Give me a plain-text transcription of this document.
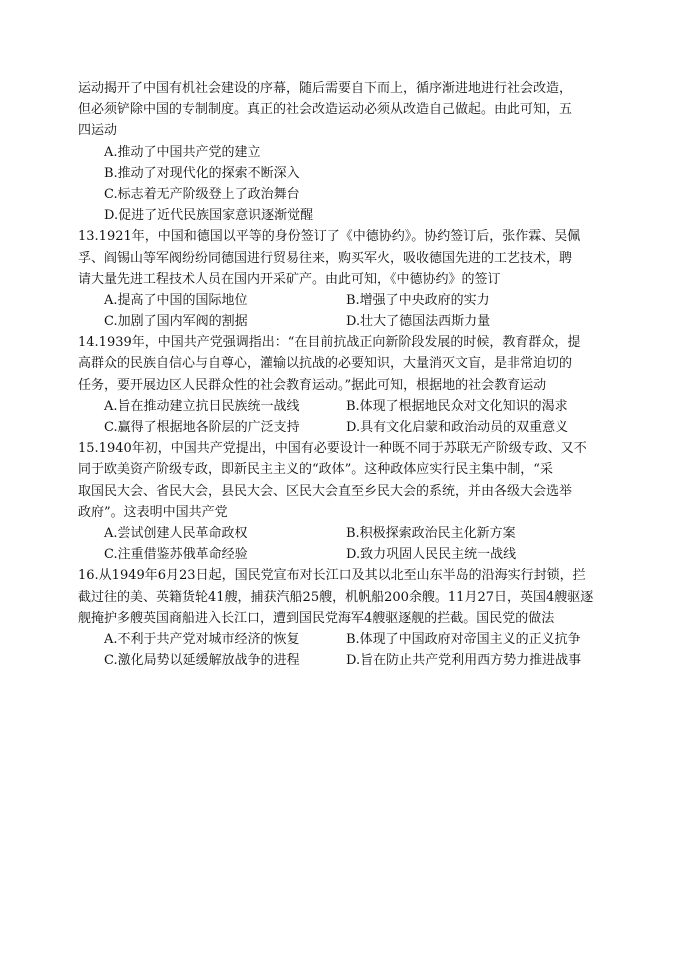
运动揭开了中国有机社会建设的序幕，随后需要自下而上，循序渐进地进行社会改造，
但必须铲除中国的专制制度。真正的社会改造运动必须从改造自己做起。由此可知，五
四运动
A.推动了中国共产党的建立
B.推动了对现代化的探索不断深入
C.标志着无产阶级登上了政治舞台
D.促进了近代民族国家意识逐渐觉醒
13.1921年，中国和德国以平等的身份签订了《中德协约》。协约签订后，张作霖、吴佩
孚、阎锡山等军阀纷纷同德国进行贸易往来，购买军火，吸收德国先进的工艺技术，聘
请大量先进工程技术人员在国内开采矿产。由此可知，《中德协约》的签订
A.提高了中国的国际地位	B.增强了中央政府的实力
C.加剧了国内军阀的割据	D.壮大了德国法西斯力量
14.1939年，中国共产党强调指出：“在目前抗战正向新阶段发展的时候，教育群众，提
高群众的民族自信心与自尊心，灌输以抗战的必要知识，大量消灭文盲，是非常迫切的
任务，要开展边区人民群众性的社会教育运动。”据此可知，根据地的社会教育运动
A.旨在推动建立抗日民族统一战线	B.体现了根据地民众对文化知识的渴求
C.赢得了根据地各阶层的广泛支持	D.具有文化启蒙和政治动员的双重意义
15.1940年初，中国共产党提出，中国有必要设计一种既不同于苏联无产阶级专政、又不
同于欧美资产阶级专政，即新民主主义的“政体”。这种政体应实行民主集中制，“采
取国民大会、省民大会，县民大会、区民大会直至乡民大会的系统，并由各级大会选举
政府”。这表明中国共产党
A.尝试创建人民革命政权	B.积极探索政治民主化新方案
C.注重借鉴苏俄革命经验	D.致力巩固人民民主统一战线
16.从1949年6月23日起，国民党宣布对长江口及其以北至山东半岛的沿海实行封锁，拦
截过往的美、英籍货轮41艘，捕获汽船25艘，机帆船200余艘。11月27日，英国4艘驱逐
舰掩护多艘英国商船进入长江口，遭到国民党海军4艘驱逐舰的拦截。国民党的做法
A.不利于共产党对城市经济的恢复	B.体现了中国政府对帝国主义的正义抗争
C.激化局势以延缓解放战争的进程	D.旨在防止共产党利用西方势力推进战事
